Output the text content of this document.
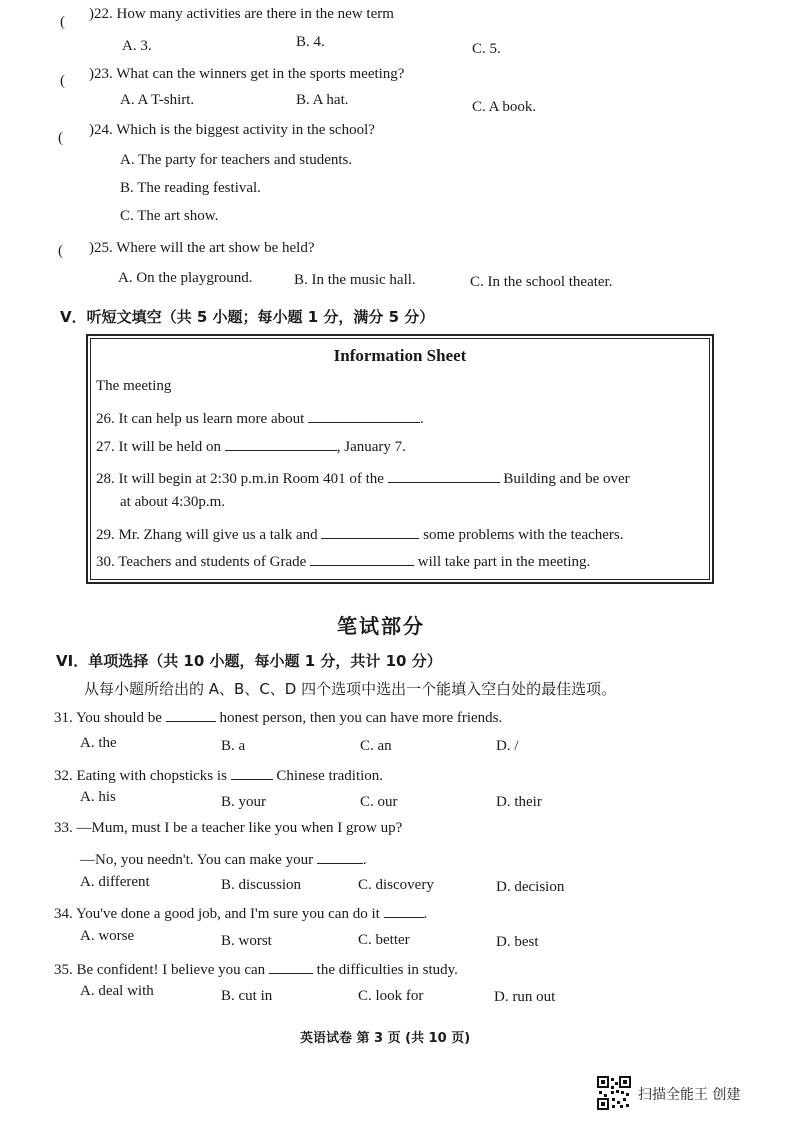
( )22. How many activities are there in the new term
A. 3.	B. 4.	C. 5.
( )23. What can the winners get in the sports meeting?
A. A T-shirt.	B. A hat.	C. A book.
( )24. Which is the biggest activity in the school?
A. The party for teachers and students.
B. The reading festival.
C. The art show.
( )25. Where will the art show be held?
A. On the playground.	B. In the music hall.	C. In the school theater.
V．听短文填空（共 5 小题；每小题 1 分，满分 5 分）
Information Sheet
The meeting
26. It can help us learn more about	.
27. It will be held on	, January 7.
28. It will begin at 2:30 p.m.in Room 401 of the	Building and be over
at about 4:30p.m.
29. Mr. Zhang will give us a talk and	some problems with the teachers.
30. Teachers and students of Grade	will take part in the meeting.
笔试部分
VI．单项选择（共 10 小题，每小题 1 分，共计 10 分）
从每小题所给出的 A、B、C、D 四个选项中选出一个能填入空白处的最佳选项。
31. You should be	honest person, then you can have more friends.
A. the	B. a	C. an	D. /
32. Eating with chopsticks is	Chinese tradition.
A. his	B. your	C. our	D. their
33. —Mum, must I be a teacher like you when I grow up?
—No, you needn't. You can make your	.
A. different	B. discussion	C. discovery	D. decision
34. You've done a good job, and I'm sure you can do it	.
A. worse	B. worst	C. better	D. best
35. Be confident! I believe you can	the difficulties in study.
A. deal with	B. cut in	C. look for	D. run out
英语试卷 第 3 页 (共 10 页)
扫描全能王 创建
